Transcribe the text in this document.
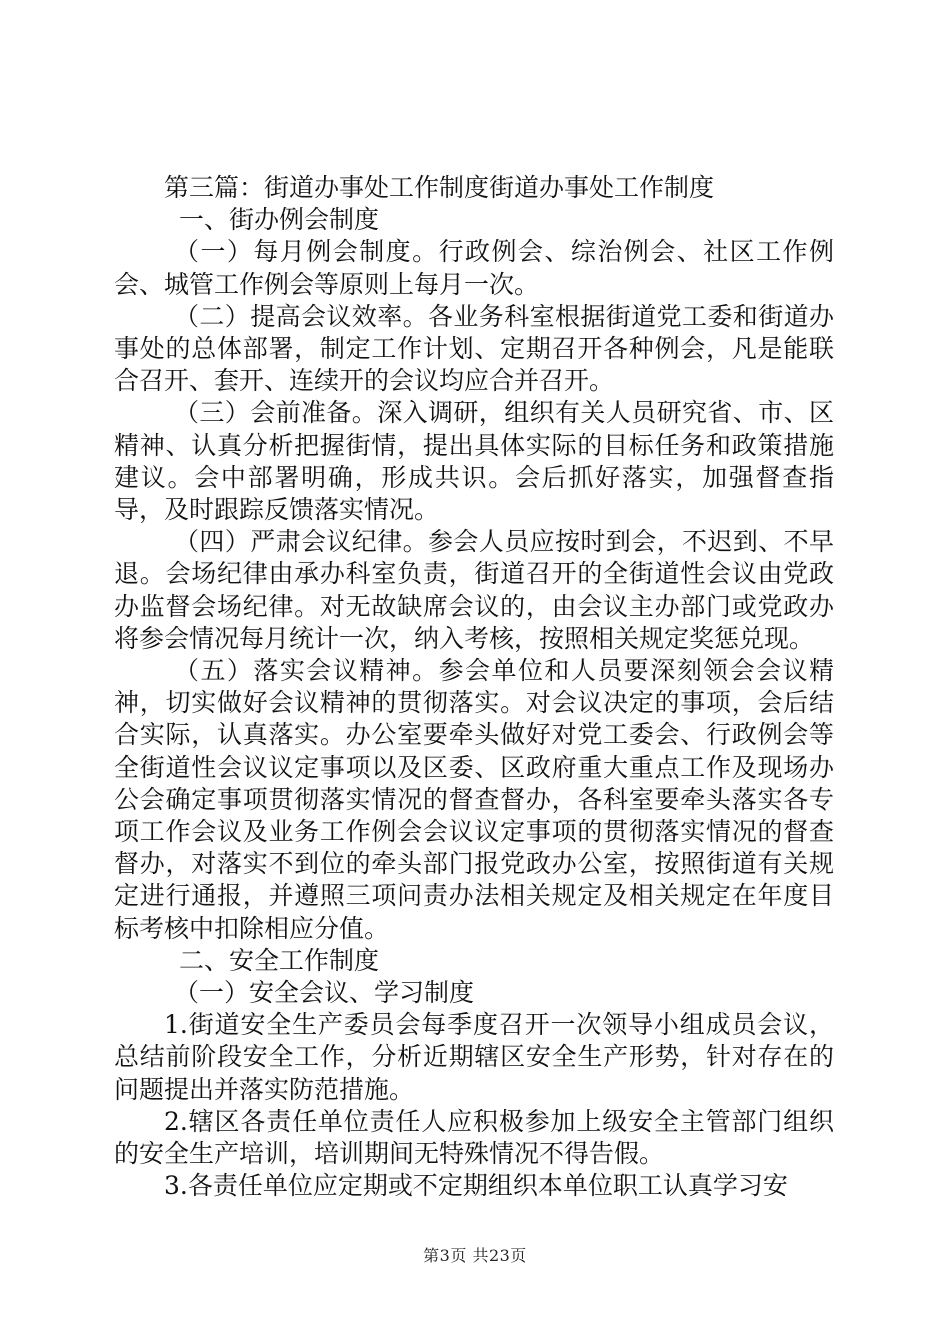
第三篇：街道办事处工作制度街道办事处工作制度

一、街办例会制度

（一）每月例会制度。行政例会、综治例会、社区工作例会、城管工作例会等原则上每月一次。

（二）提高会议效率。各业务科室根据街道党工委和街道办事处的总体部署，制定工作计划、定期召开各种例会，凡是能联合召开、套开、连续开的会议均应合并召开。

（三）会前准备。深入调研，组织有关人员研究省、市、区精神、认真分析把握街情，提出具体实际的目标任务和政策措施建议。会中部署明确，形成共识。会后抓好落实，加强督查指导，及时跟踪反馈落实情况。

（四）严肃会议纪律。参会人员应按时到会，不迟到、不早退。会场纪律由承办科室负责，街道召开的全街道性会议由党政办监督会场纪律。对无故缺席会议的，由会议主办部门或党政办将参会情况每月统计一次，纳入考核，按照相关规定奖惩兑现。

（五）落实会议精神。参会单位和人员要深刻领会会议精神，切实做好会议精神的贯彻落实。对会议决定的事项，会后结合实际，认真落实。办公室要牵头做好对党工委会、行政例会等全街道性会议议定事项以及区委、区政府重大重点工作及现场办公会确定事项贯彻落实情况的督查督办，各科室要牵头落实各专项工作会议及业务工作例会会议议定事项的贯彻落实情况的督查督办，对落实不到位的牵头部门报党政办公室，按照街道有关规定进行通报，并遵照三项问责办法相关规定及相关规定在年度目标考核中扣除相应分值。

二、安全工作制度

（一）安全会议、学习制度

1.街道安全生产委员会每季度召开一次领导小组成员会议，总结前阶段安全工作，分析近期辖区安全生产形势，针对存在的问题提出并落实防范措施。

2.辖区各责任单位责任人应积极参加上级安全主管部门组织的安全生产培训，培训期间无特殊情况不得告假。

3.各责任单位应定期或不定期组织本单位职工认真学习安

第3页 共23页
